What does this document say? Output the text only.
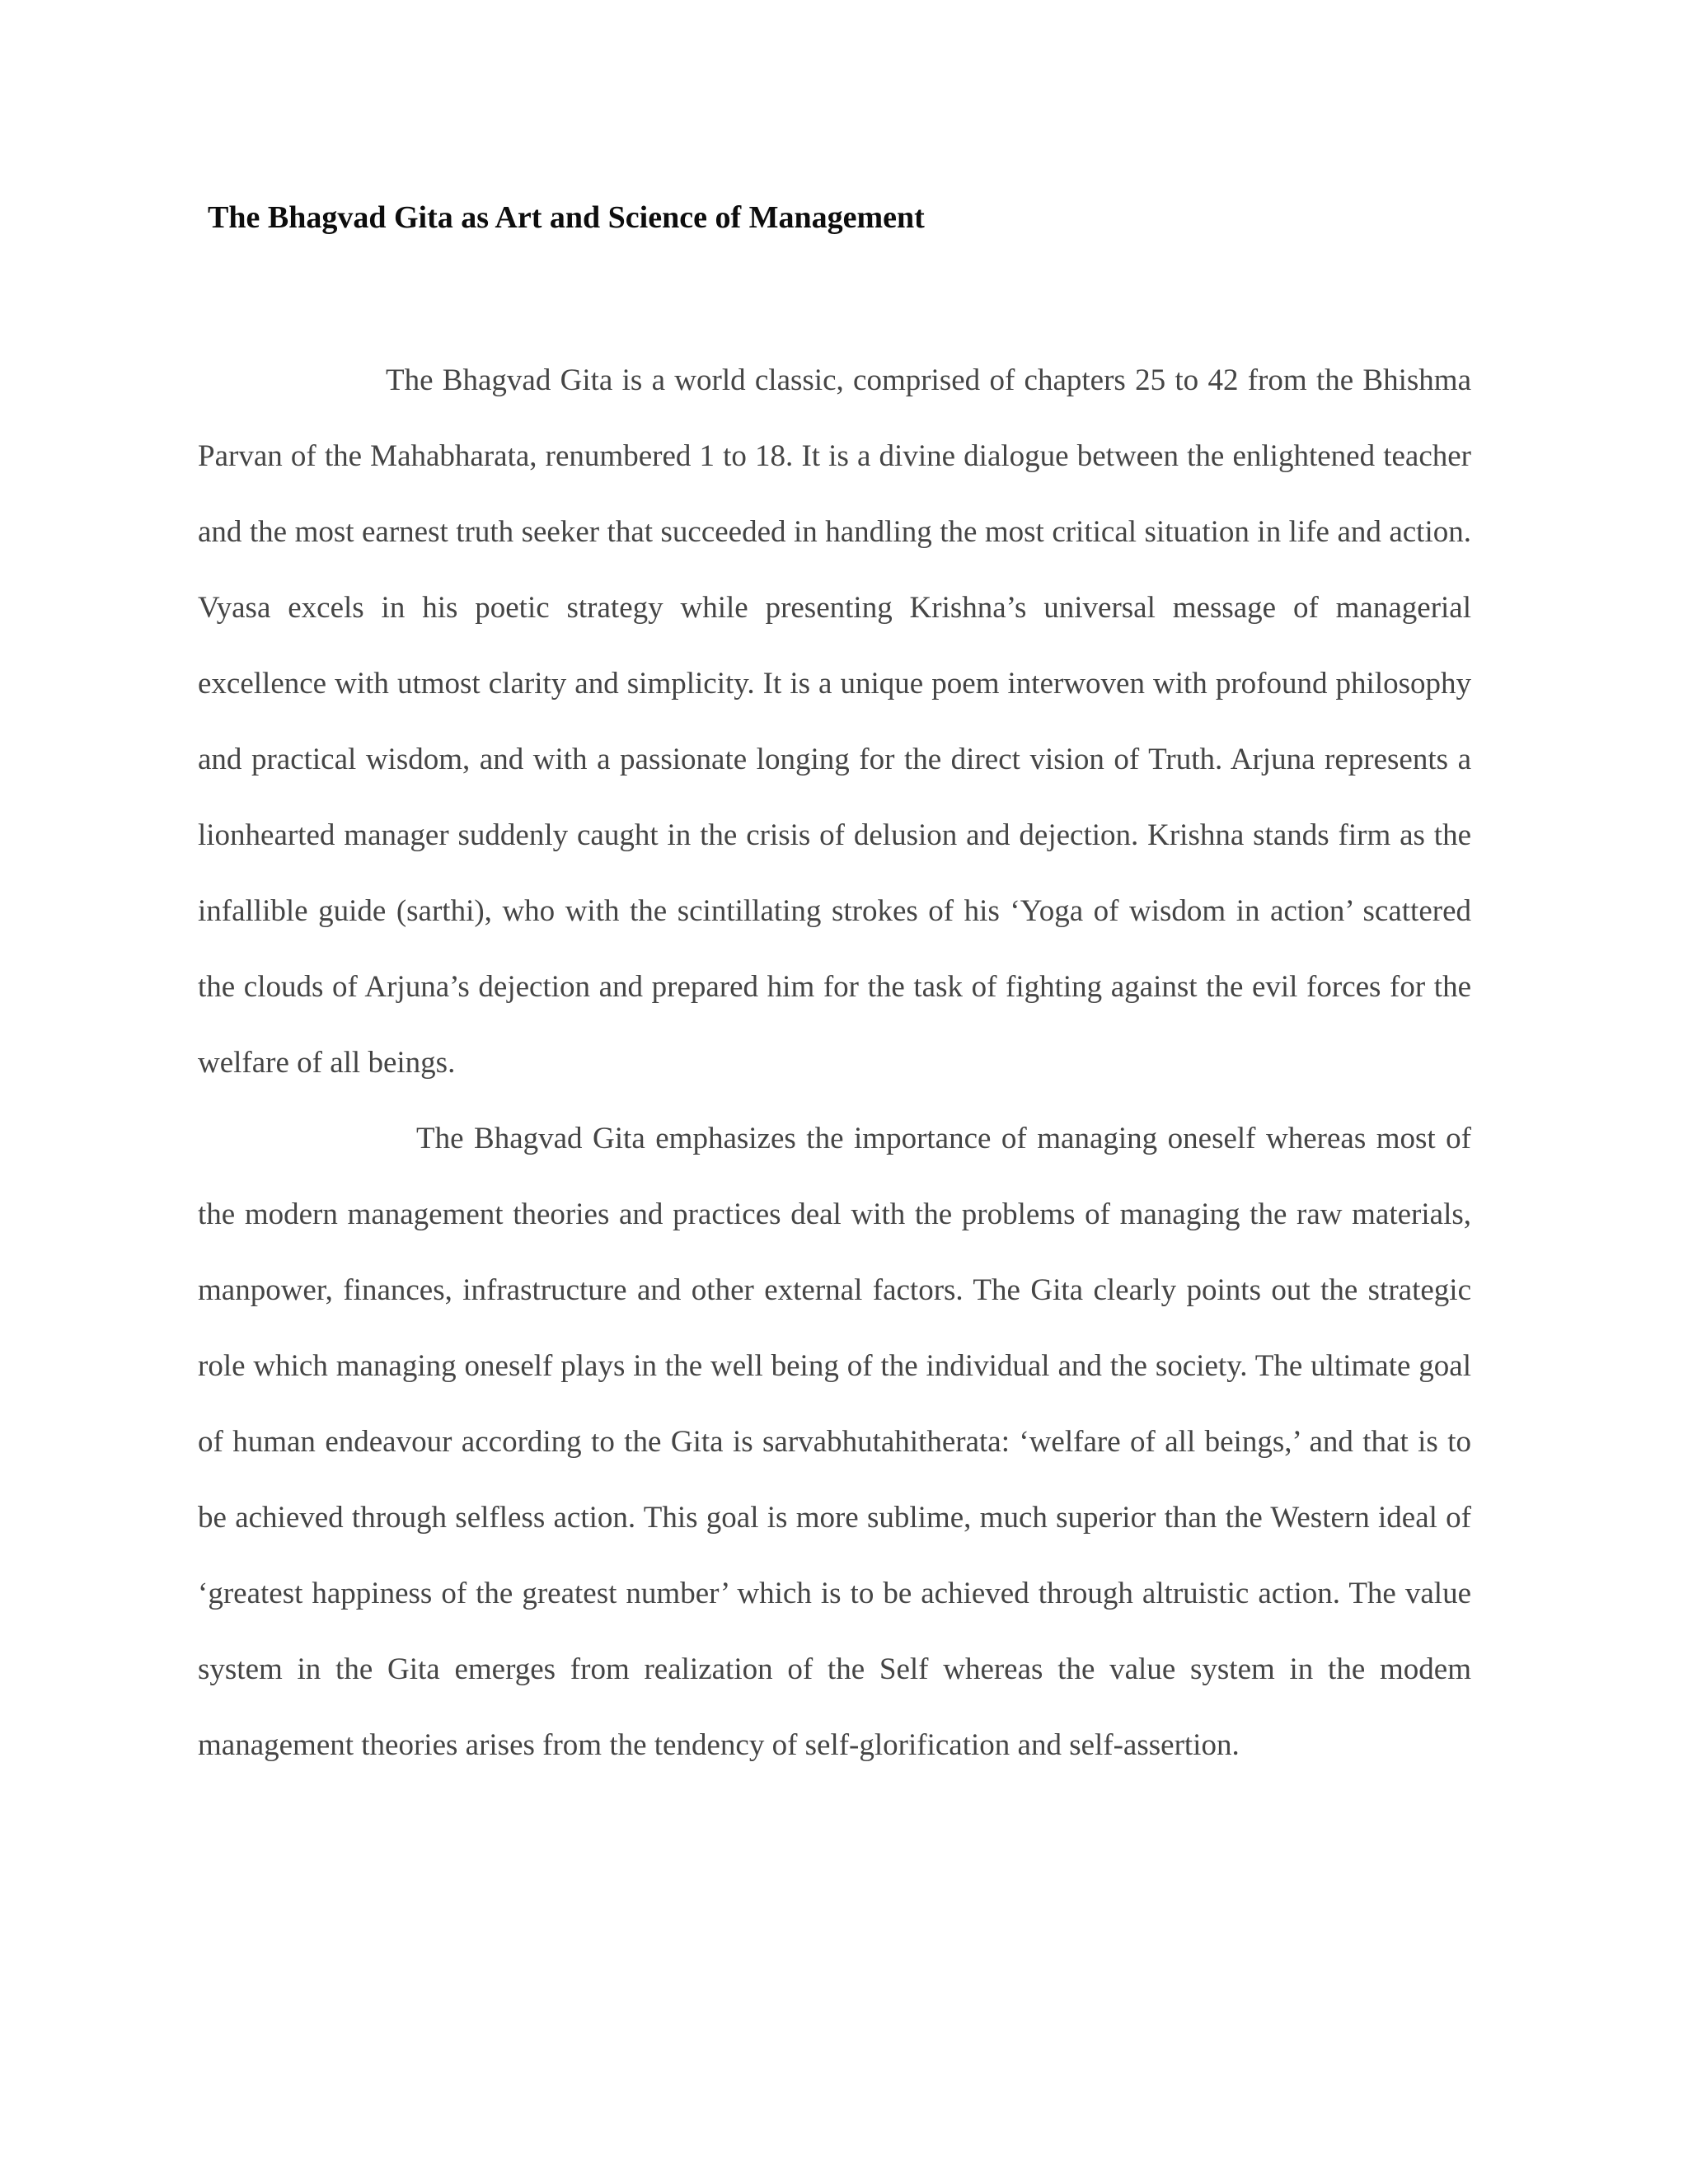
The Bhagvad Gita as Art and Science of Management

The Bhagvad Gita is a world classic, comprised of chapters 25 to 42 from the Bhishma Parvan of the Mahabharata, renumbered 1 to 18. It is a divine dialogue between the enlightened teacher and the most earnest truth seeker that succeeded in handling the most critical situation in life and action. Vyasa excels in his poetic strategy while presenting Krishna’s universal message of managerial excellence with utmost clarity and simplicity. It is a unique poem interwoven with profound philosophy and practical wisdom, and with a passionate longing for the direct vision of Truth. Arjuna represents a lionhearted manager suddenly caught in the crisis of delusion and dejection. Krishna stands firm as the infallible guide (sarthi), who with the scintillating strokes of his ‘Yoga of wisdom in action’ scattered the clouds of Arjuna’s dejection and prepared him for the task of fighting against the evil forces for the welfare of all beings.

The Bhagvad Gita emphasizes the importance of managing oneself whereas most of the modern management theories and practices deal with the problems of managing the raw materials, manpower, finances, infrastructure and other external factors. The Gita clearly points out the strategic role which managing oneself plays in the well being of the individual and the society. The ultimate goal of human endeavour according to the Gita is sarvabhutahitherata: ‘welfare of all beings,’ and that is to be achieved through selfless action. This goal is more sublime, much superior than the Western ideal of ‘greatest happiness of the greatest number’ which is to be achieved through altruistic action. The value system in the Gita emerges from realization of the Self whereas the value system in the modem management theories arises from the tendency of self-glorification and self-assertion.
